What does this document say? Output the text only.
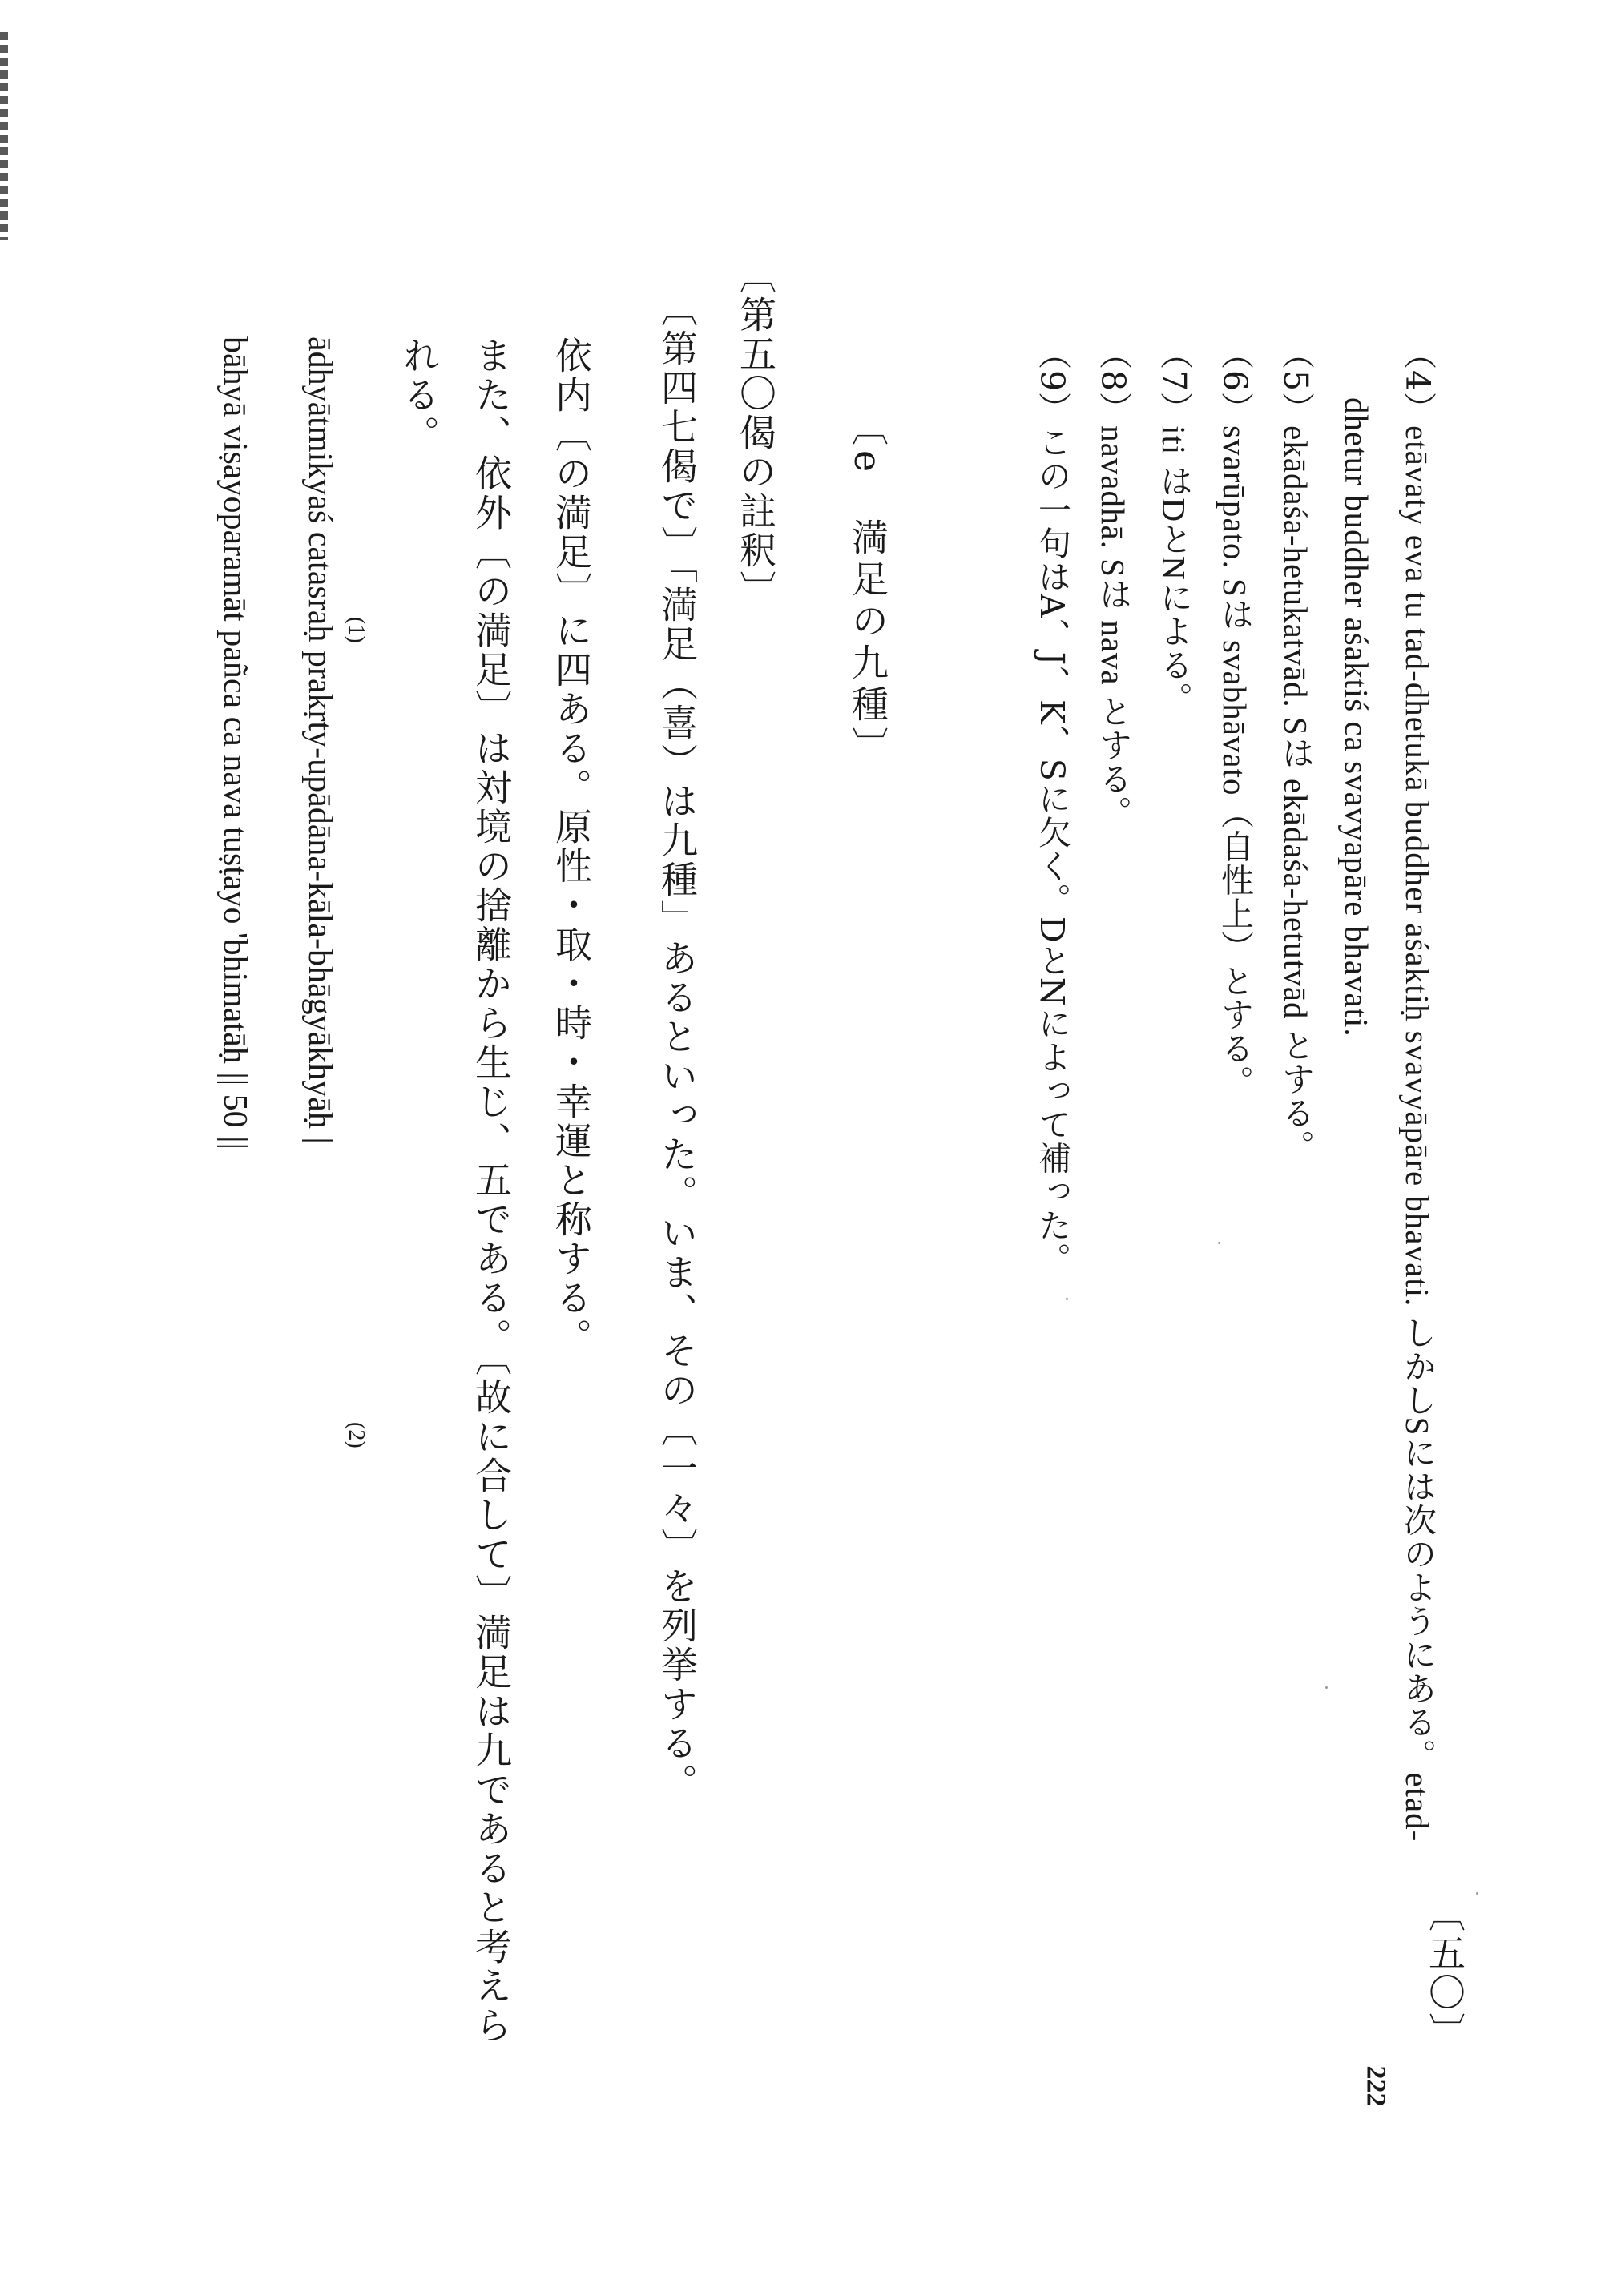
（4）etāvaty eva tu tad-dhetukā buddher aśaktiḥ svavyāpāre bhavati. しかしSには次のようにある。etad-
dhetur buddher aśaktiś ca svavyapāre bhavati.
（5）ekādaśa-hetukatvād. Sは ekādaśa-hetutvād とする。
（6）svarūpato. Sは svabhāvato（自性上）とする。
（7）iti はDとNによる。
（8）navadhā. Sは nava とする。
（9）この一句はA、J、K、Sに欠く。DとNによって補った。
〔e　満足の九種〕
〔第五〇偈の註釈〕
〔第四七偈で〕「満足（喜）は九種」あるといった。いま、その〔一々〕を列挙する。
依内〔の満足〕に四ある。原性・取・時・幸運と称する。
また、依外〔の満足〕は対境の捨離から生じ、五である。〔故に合して〕満足は九であると考えら
れる。
〔五〇〕
ādhyātmikyaś catasraḥ prakṛty-upādāna-kāla-bhāgyākhyāḥ |
bāhyā viṣayoparamāt pañca ca nava tuṣṭayo 'bhimatāḥ || 50 ||	(1)
(2)
222
